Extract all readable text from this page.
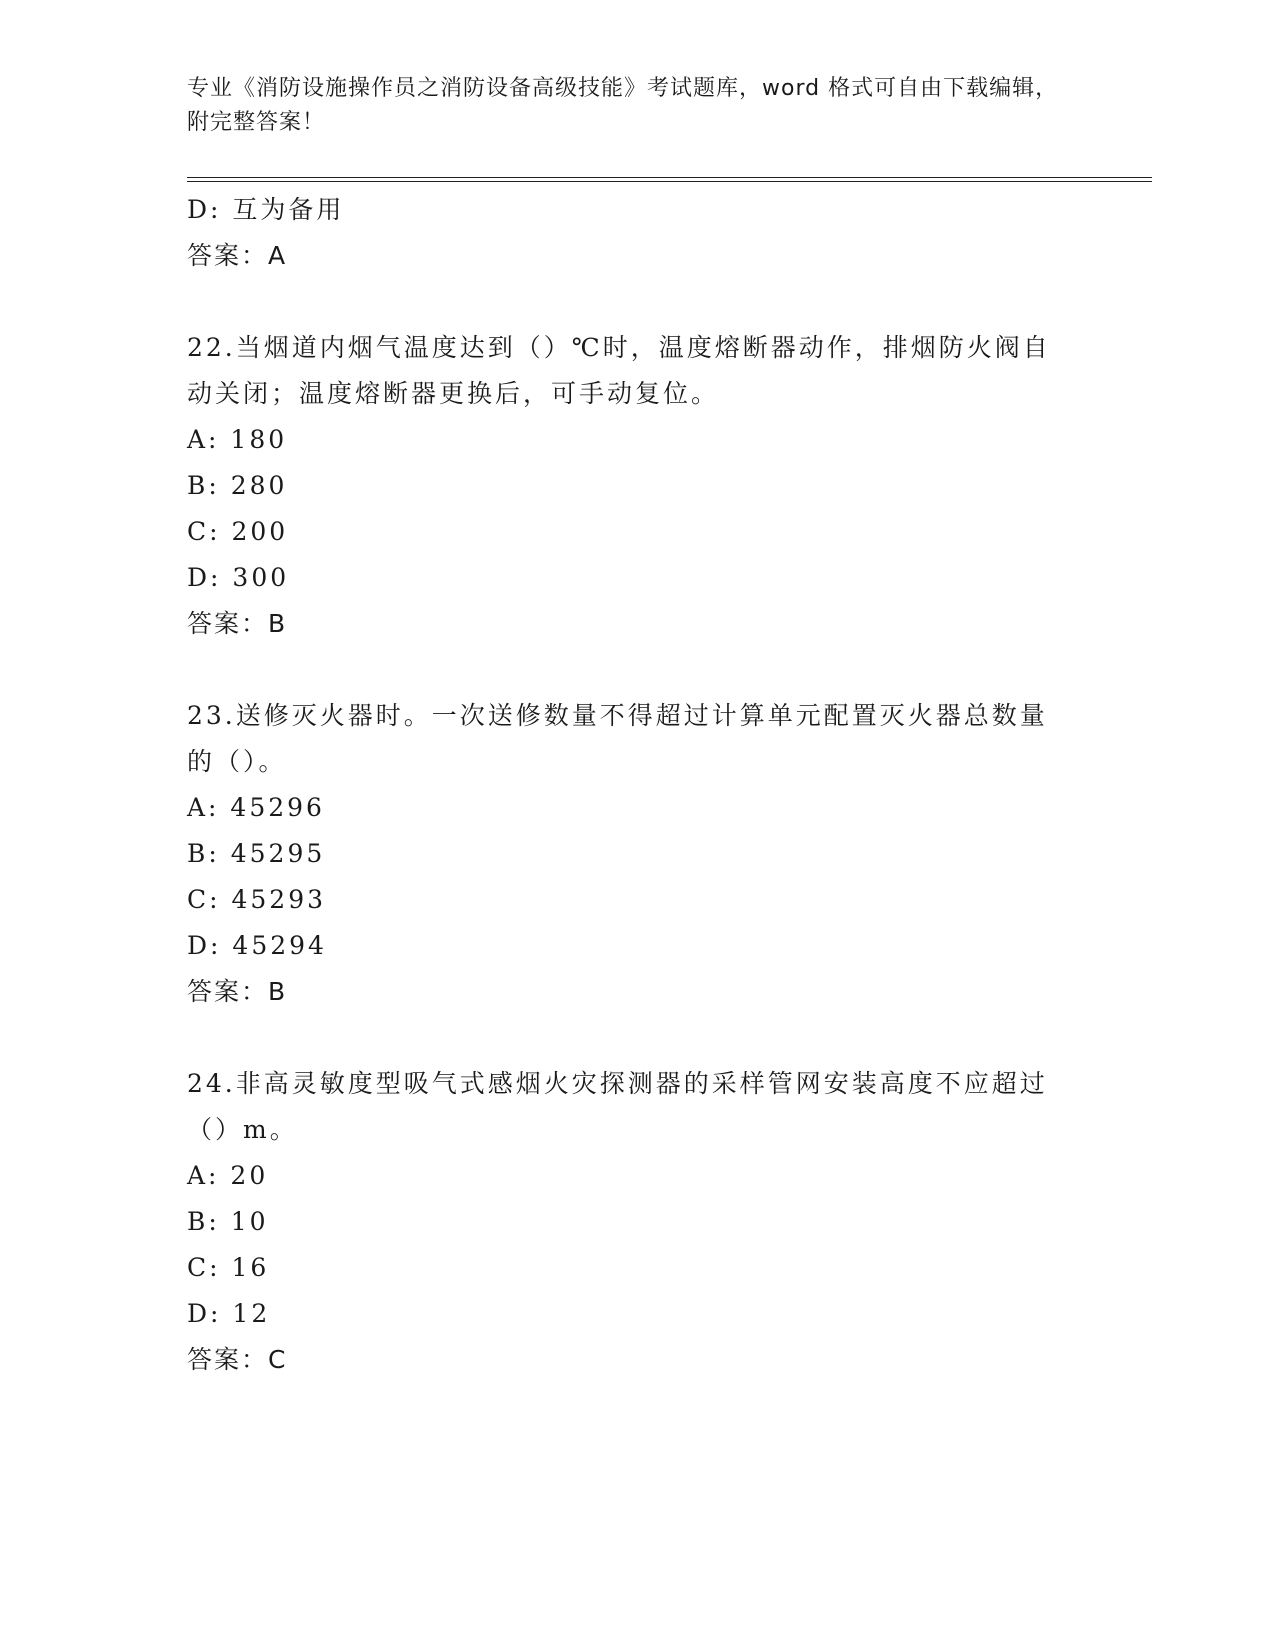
专业《消防设施操作员之消防设备高级技能》考试题库，word 格式可自由下载编辑，附完整答案！
D: 互为备用
答案：A
22.当烟道内烟气温度达到（）℃时，温度熔断器动作，排烟防火阀自动关闭；温度熔断器更换后，可手动复位。
A: 180
B: 280
C: 200
D: 300
答案：B
23.送修灭火器时。一次送修数量不得超过计算单元配置灭火器总数量的（）。
A: 45296
B: 45295
C: 45293
D: 45294
答案：B
24.非高灵敏度型吸气式感烟火灾探测器的采样管网安装高度不应超过（）m。
A: 20
B: 10
C: 16
D: 12
答案：C
